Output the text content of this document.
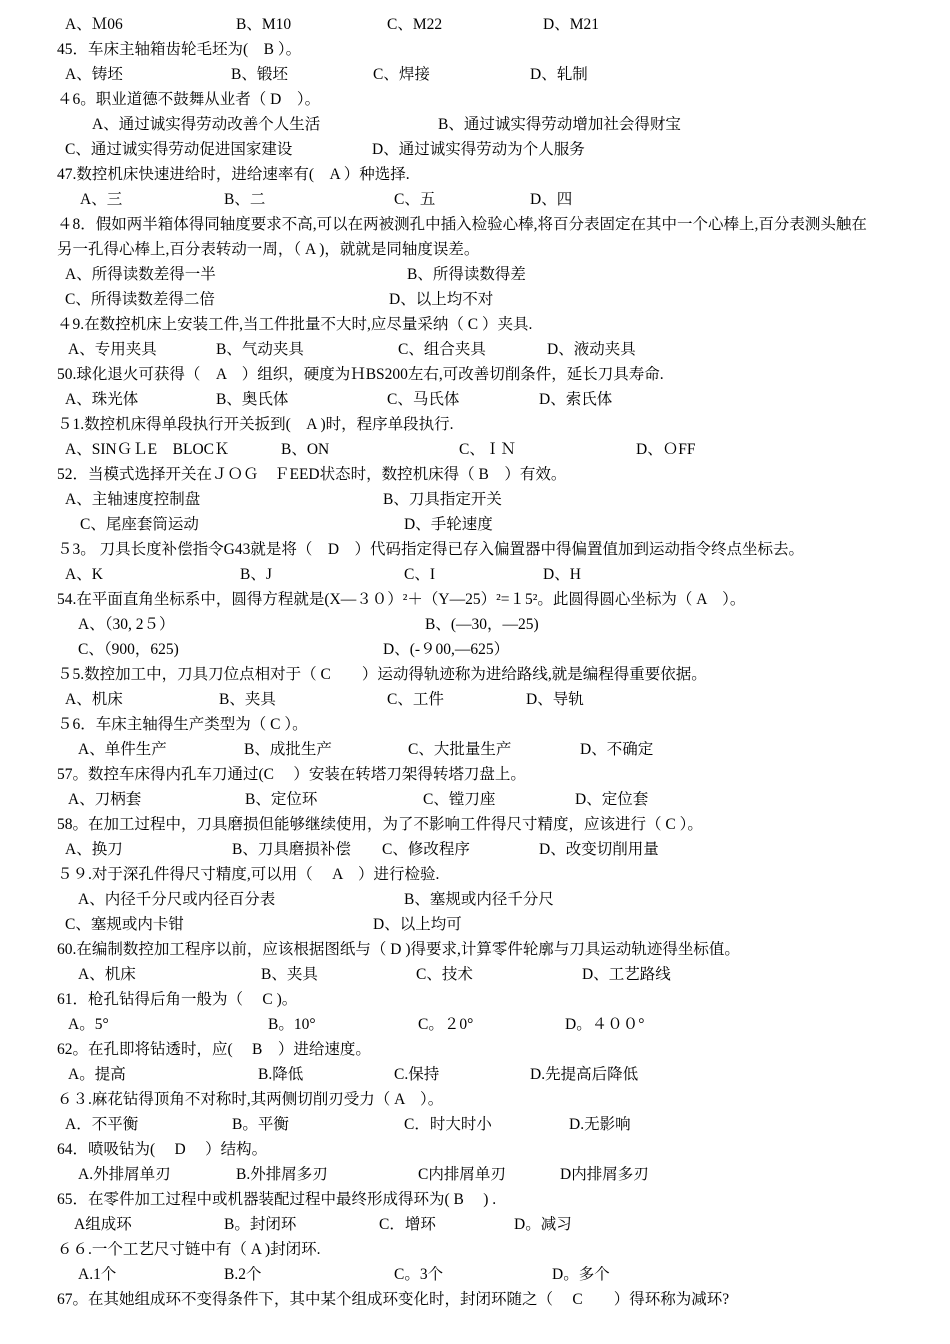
A、Ｍ06	B、M10	C、M22	D、M21
45．车床主轴箱齿轮毛坯为(　B ）。
A、铸坯	B、锻坯	C、焊接	D、轧制
４6。职业道德不鼓舞从业者（ D　）。
A、通过诚实得劳动改善个人生活	B、通过诚实得劳动增加社会得财宝
C、通过诚实得劳动促进国家建设	D、通过诚实得劳动为个人服务
47.数控机床快速进给时，进给速率有(　A ）种选择.
A、三	B、二	C、五	D、四
４8．假如两半箱体得同轴度要求不高,可以在两被测孔中插入检验心棒,将百分表固定在其中一个心棒上,百分表测头触在
另一孔得心棒上,百分表转动一周，（ A )，就就是同轴度误差。
A、所得读数差得一半	B、所得读数得差
C、所得读数差得二倍	D、以上均不对
４9.在数控机床上安装工件,当工件批量不大时,应尽量采纳（ C ）夹具.
A、专用夹具	B、气动夹具	C、组合夹具	D、液动夹具
50.球化退火可获得（　A　）组织，硬度为ＨBS200左右,可改善切削条件，延长刀具寿命.
A、珠光体	B、奥氏体	C、马氏体	D、索氏体
５1.数控机床得单段执行开关扳到(　A )时，程序单段执行.
A、SINＧＬE　BLOCＫ	B、ON	C、ＩＮ	D、ＯFF
52．当模式选择开关在ＪＯＧ　ＦEED状态时，数控机床得（ B　）有效。
A、主轴速度控制盘	B、刀具指定开关
C、尾座套筒运动	D、手轮速度
５3。 刀具长度补偿指令G43就是将（　D　）代码指定得已存入偏置器中得偏置值加到运动指令终点坐标去。
A、K	B、J	C、I	D、H
54.在平面直角坐标系中，圆得方程就是(X—３０）²＋（Y—25）²=１5²。此圆得圆心坐标为（ A　）。
A、（30, 2５）	B、(—30，—25)
C、（900，625)	D、(-９00,—625）
５5.数控加工中，刀具刀位点相对于（ C　　）运动得轨迹称为进给路线,就是编程得重要依据。
A、机床	B、夹具	C、工件	D、导轨
５6．车床主轴得生产类型为（ C ）。
A、单件生产	B、成批生产	C、大批量生产	D、不确定
57。数控车床得内孔车刀通过(C　 ）安装在转塔刀架得转塔刀盘上。
A、刀柄套	B、定位环	C、镗刀座	D、定位套
58。在加工过程中，刀具磨损但能够继续使用，为了不影响工件得尺寸精度，应该进行（ C ）。
A、换刀	B、刀具磨损补偿 C、修改程序	D、改变切削用量
５９.对于深孔件得尺寸精度,可以用（　 A　）进行检验.
A、内径千分尺或内径百分表	B、塞规或内径千分尺
C、塞规或内卡钳	D、以上均可
60.在编制数控加工程序以前，应该根据图纸与（ D )得要求,计算零件轮廓与刀具运动轨迹得坐标值。
A、机床	B、夹具	C、技术	D、工艺路线
61．枪孔钻得后角一般为（　 C )。
A。5°	B。10°	C。２0°	D。４００°
62。在孔即将钻透时，应(　 B　）进给速度。
A。提高	B.降低	C.保持	D.先提高后降低
６３.麻花钻得顶角不对称时,其两侧切削刃受力（ A　）。
A．不平衡	B。平衡	C．时大时小	D.无影响
64．喷吸钻为(　 D　 ）结构。
A.外排屑单刃	B.外排屑多刃	C内排屑单刃	D内排屑多刃
65．在零件加工过程中或机器装配过程中最终形成得环为( B　 ) .
A组成环	B。封闭环	C．增环	D。减习
６６.一个工艺尺寸链中有（ A )封闭环.
A.1个	B.2个	C。3个	D。多个
67。在其她组成环不变得条件下，其中某个组成环变化时，封闭环随之（　 C　　）得环称为减环?
